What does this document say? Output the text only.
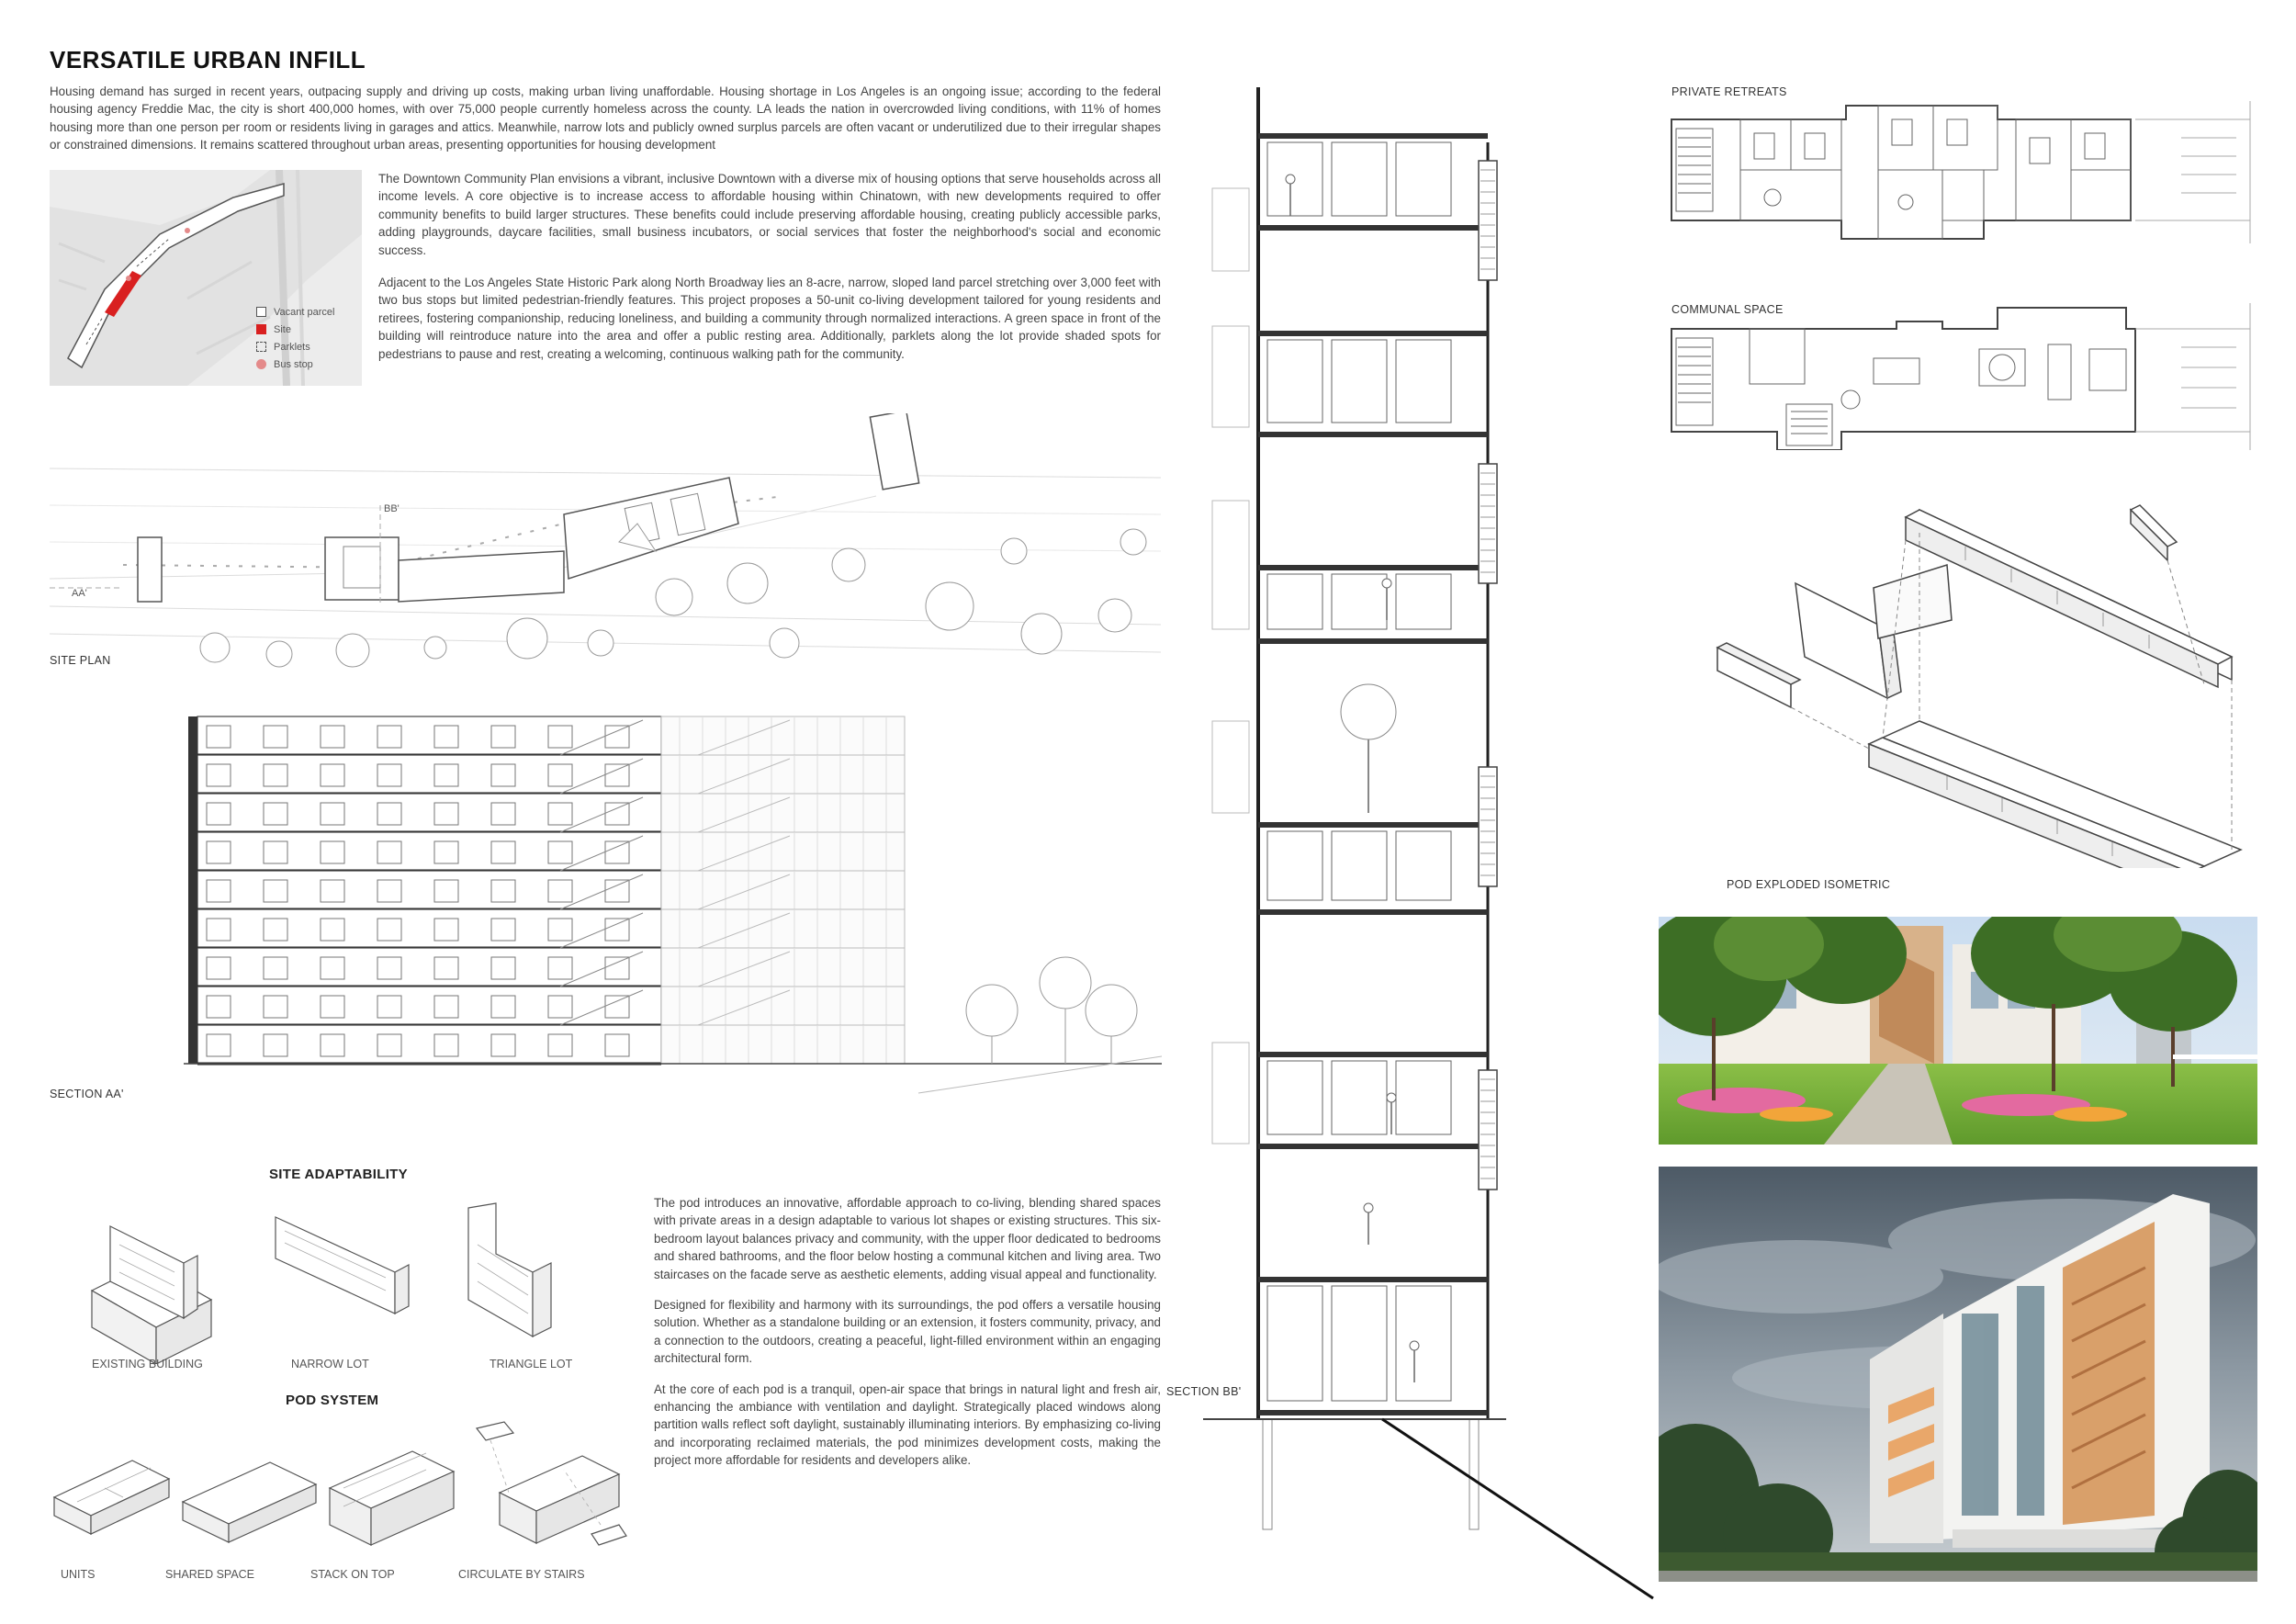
VERSATILE URBAN INFILL

Housing demand has surged in recent years, outpacing supply and driving up costs, making urban living unaffordable. Housing shortage in Los Angeles is an ongoing issue; according to the federal housing agency Freddie Mac, the city is short 400,000 homes, with over 75,000 people currently homeless across the county. LA leads the nation in overcrowded living conditions, with 11% of homes housing more than one person per room or residents living in garages and attics. Meanwhile, narrow lots and publicly owned surplus parcels are often vacant or underutilized due to their irregular shapes or constrained dimensions. It remains scattered throughout urban areas, presenting opportunities for housing development

Vacant parcel
Site
Parklets
Bus stop

The Downtown Community Plan envisions a vibrant, inclusive Downtown with a diverse mix of housing options that serve households across all income levels. A core objective is to increase access to affordable housing within Chinatown, with new developments required to offer community benefits to build larger structures. These benefits could include preserving affordable housing, creating publicly accessible parks, adding playgrounds, daycare facilities, small business incubators, or social services that foster the neighborhood's social and economic success.

Adjacent to the Los Angeles State Historic Park along North Broadway lies an 8-acre, narrow, sloped land parcel stretching over 3,000 feet with two bus stops but limited pedestrian-friendly features. This project proposes a 50-unit co-living development tailored for young residents and retirees, fostering companionship, reducing loneliness, and building a community through normalized interactions. A green space in front of the building will reintroduce nature into the area and offer a public resting area. Additionally, parklets along the lot provide shaded spots for pedestrians to pause and rest, creating a welcoming, continuous walking path for the community.

AA'
BB'
SITE PLAN
SECTION AA'
SITE ADAPTABILITY
EXISTING BUILDING	NARROW LOT	TRIANGLE LOT
POD SYSTEM
UNITS	SHARED SPACE	STACK ON TOP	CIRCULATE BY STAIRS

The pod introduces an innovative, affordable approach to co-living, blending shared spaces with private areas in a design adaptable to various lot shapes or existing structures. This six-bedroom layout balances privacy and community, with the upper floor dedicated to bedrooms and shared bathrooms, and the floor below hosting a communal kitchen and living area. Two staircases on the facade serve as aesthetic elements, adding visual appeal and functionality.

Designed for flexibility and harmony with its surroundings, the pod offers a versatile housing solution. Whether as a standalone building or an extension, it fosters community, privacy, and a connection to the outdoors, creating a peaceful, light-filled environment within an engaging architectural form.

At the core of each pod is a tranquil, open-air space that brings in natural light and fresh air, enhancing the ambiance with ventilation and daylight. Strategically placed windows along partition walls reflect soft daylight, sustainably illuminating interiors. By emphasizing co-living and incorporating reclaimed materials, the pod minimizes development costs, making the project more affordable for residents and developers alike.

SECTION BB'
PRIVATE RETREATS
COMMUNAL SPACE
POD EXPLODED ISOMETRIC
